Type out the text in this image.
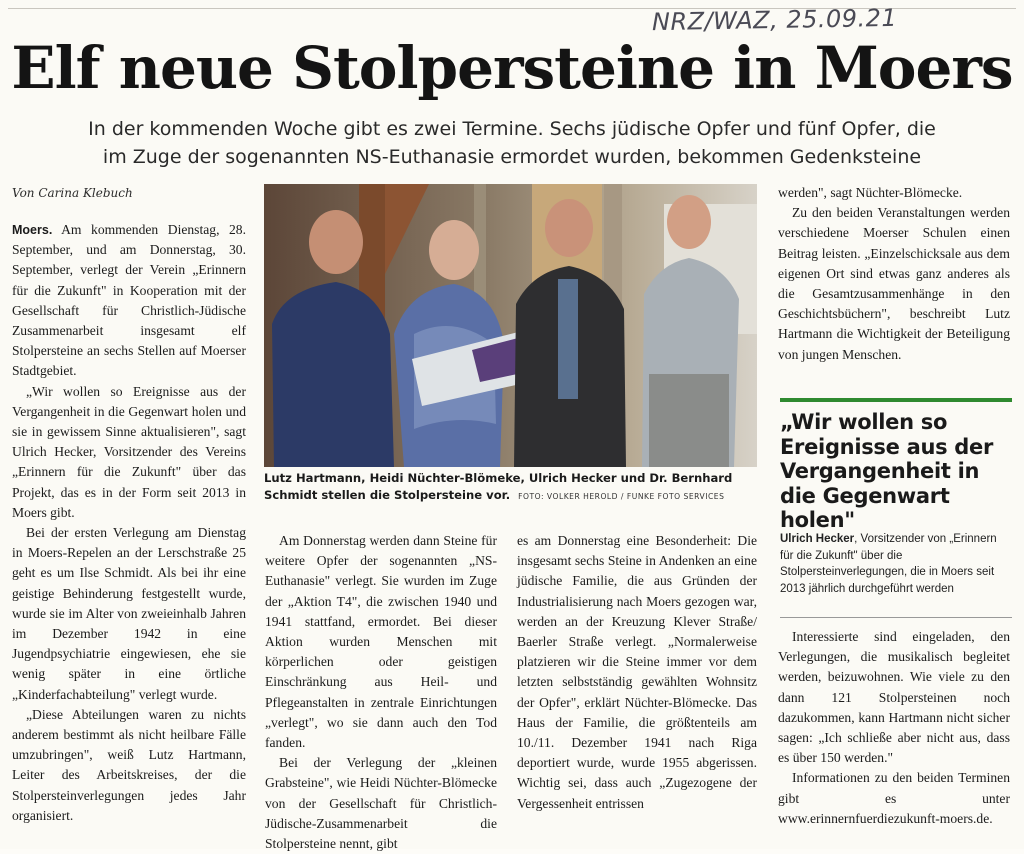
NRZ/WAZ, 25.09.21
Elf neue Stolpersteine in Moers
In der kommenden Woche gibt es zwei Termine. Sechs jüdische Opfer und fünf Opfer, die
im Zuge der sogenannten NS-Euthanasie ermordet wurden, bekommen Gedenksteine
Von Carina Klebuch

Moers. Am kommenden Dienstag, 28. September, und am Donnerstag, 30. September, verlegt der Verein „Erinnern für die Zukunft" in Kooperation mit der Gesellschaft für Christlich-Jüdische Zusammenarbeit insgesamt elf Stolpersteine an sechs Stellen auf Moerser Stadtgebiet.

„Wir wollen so Ereignisse aus der Vergangenheit in die Gegenwart holen und sie in gewissem Sinne aktualisieren", sagt Ulrich Hecker, Vorsitzender des Vereins „Erinnern für die Zukunft" über das Projekt, das es in der Form seit 2013 in Moers gibt.

Bei der ersten Verlegung am Dienstag in Moers-Repelen an der Lerschstraße 25 geht es um Ilse Schmidt. Als bei ihr eine geistige Behinderung festgestellt wurde, wurde sie im Alter von zweieinhalb Jahren im Dezember 1942 in eine Jugendpsychiatrie eingewiesen, ehe sie wenig später in eine örtliche „Kinderfachabteilung" verlegt wurde.

„Diese Abteilungen waren zu nichts anderem bestimmt als nicht heilbare Fälle umzubringen", weiß Lutz Hartmann, Leiter des Arbeitskreises, der die Stolpersteinverlegungen jedes Jahr organisiert.

Lutz Hartmann, Heidi Nüchter-Blömeke, Ulrich Hecker und Dr. Bernhard Schmidt stellen die Stolpersteine vor. FOTO: VOLKER HEROLD / FUNKE FOTO SERVICES

Am Donnerstag werden dann Steine für weitere Opfer der sogenannten „NS-Euthanasie" verlegt. Sie wurden im Zuge der „Aktion T4", die zwischen 1940 und 1941 stattfand, ermordet. Bei dieser Aktion wurden Menschen mit körperlichen oder geistigen Einschränkung aus Heil- und Pflegeanstalten in zentrale Einrichtungen „verlegt", wo sie dann auch den Tod fanden.

Bei der Verlegung der „kleinen Grabsteine", wie Heidi Nüchter-Blömecke von der Gesellschaft für Christlich-Jüdische-Zusammenarbeit die Stolpersteine nennt, gibt

es am Donnerstag eine Besonderheit: Die insgesamt sechs Steine in Andenken an eine jüdische Familie, die aus Gründen der Industrialisierung nach Moers gezogen war, werden an der Kreuzung Klever Straße/ Baerler Straße verlegt. „Normalerweise platzieren wir die Steine immer vor dem letzten selbstständig gewählten Wohnsitz der Opfer", erklärt Nüchter-Blömecke. Das Haus der Familie, die größtenteils am 10./11. Dezember 1941 nach Riga deportiert wurde, wurde 1955 abgerissen. Wichtig sei, dass auch „Zugezogene der Vergessenheit entrissen

werden", sagt Nüchter-Blömecke.

Zu den beiden Veranstaltungen werden verschiedene Moerser Schulen einen Beitrag leisten. „Einzelschicksale aus dem eigenen Ort sind etwas ganz anderes als die Gesamtzusammenhänge in den Geschichtsbüchern", beschreibt Lutz Hartmann die Wichtigkeit der Beteiligung von jungen Menschen.

„Wir wollen so Ereignisse aus der Vergangenheit in die Gegenwart holen"
Ulrich Hecker, Vorsitzender von „Erinnern für die Zukunft" über die Stolpersteinverlegungen, die in Moers seit 2013 jährlich durchgeführt werden

Interessierte sind eingeladen, den Verlegungen, die musikalisch begleitet werden, beizuwohnen. Wie viele zu den dann 121 Stolpersteinen noch dazukommen, kann Hartmann nicht sicher sagen: „Ich schließe aber nicht aus, dass es über 150 werden."

Informationen zu den beiden Terminen gibt es unter www.erinnernfuerdiezukunft-moers.de.
